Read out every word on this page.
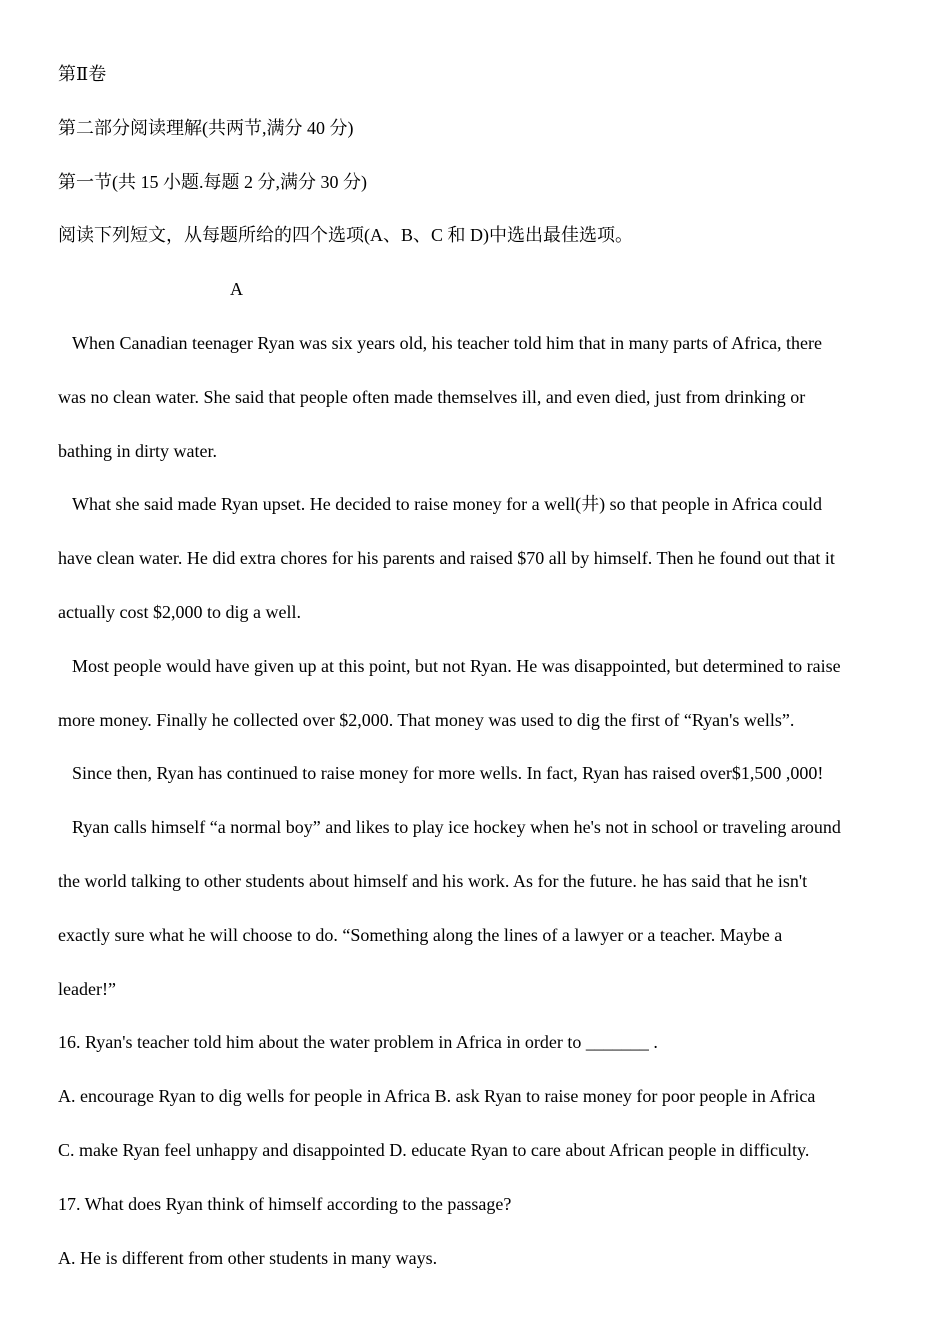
第Ⅱ卷
第二部分阅读理解(共两节,满分 40 分)
第一节(共 15 小题.每题 2 分,满分 30 分)
阅读下列短文，从每题所给的四个选项(A、B、C 和 D)中选出最佳选项。
A
When Canadian teenager Ryan was six years old, his teacher told him that in many parts of Africa, there
was no clean water. She said that people often made themselves ill, and even died, just from drinking or
bathing in dirty water.
What she said made Ryan upset. He decided to raise money for a well(井) so that people in Africa could
have clean water. He did extra chores for his parents and raised $70 all by himself. Then he found out that it
actually cost $2,000 to dig a well.
Most people would have given up at this point, but not Ryan. He was disappointed, but determined to raise
more money. Finally he collected over $2,000. That money was used to dig the first of “Ryan's wells”.
Since then, Ryan has continued to raise money for more wells. In fact, Ryan has raised over$1,500 ,000!
Ryan calls himself “a normal boy” and likes to play ice hockey when he's not in school or traveling around
the world talking to other students about himself and his work. As for the future. he has said that he isn't
exactly sure what he will choose to do. “Something along the lines of a lawyer or a teacher. Maybe a
leader!”
16. Ryan's teacher told him about the water problem in Africa in order to _______ .
A. encourage Ryan to dig wells for people in Africa B. ask Ryan to raise money for poor people in Africa
C. make Ryan feel unhappy and disappointed D. educate Ryan to care about African people in difficulty.
17. What does Ryan think of himself according to the passage?
A. He is different from other students in many ways.
